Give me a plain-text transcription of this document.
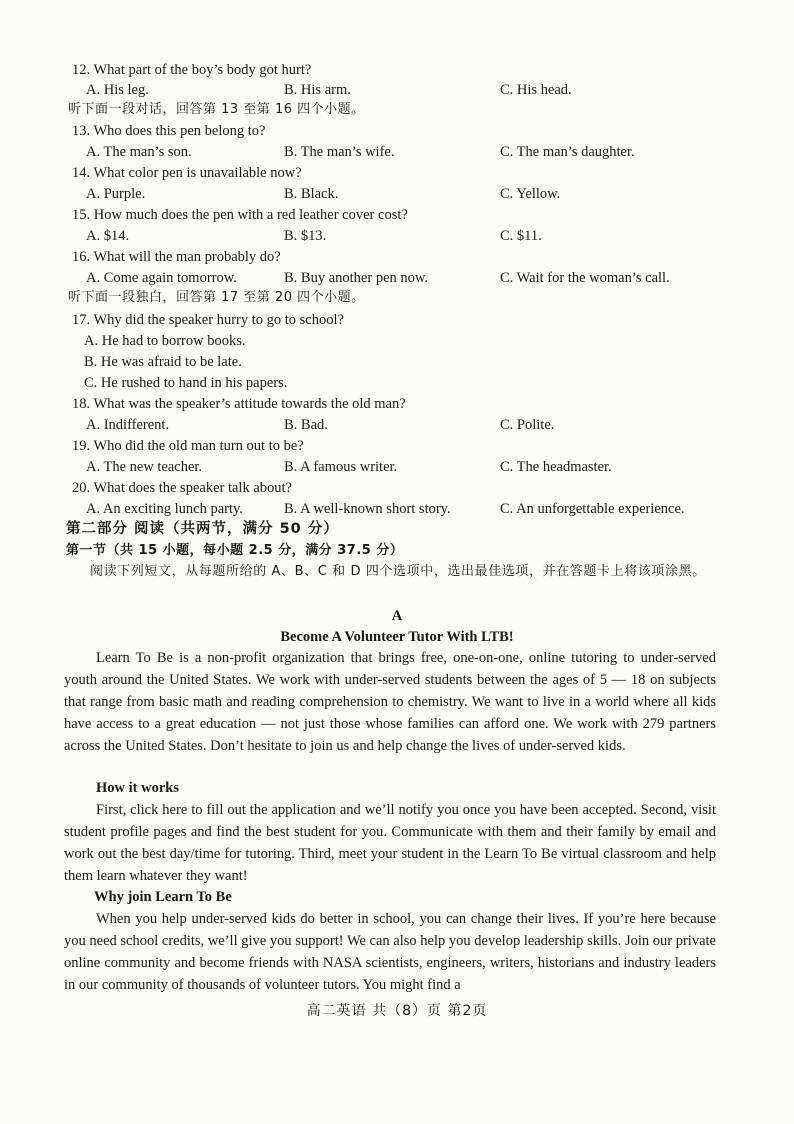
12. What part of the boy’s body got hurt?
A. His leg.	B. His arm.	C. His head.
听下面一段对话，回答第 13 至第 16 四个小题。
13. Who does this pen belong to?
A. The man’s son.	B. The man’s wife.	C. The man’s daughter.
14. What color pen is unavailable now?
A. Purple.	B. Black.	C. Yellow.
15. How much does the pen with a red leather cover cost?
A. $14.	B. $13.	C. $11.
16. What will the man probably do?
A. Come again tomorrow.	B. Buy another pen now.	C. Wait for the woman’s call.
听下面一段独白，回答第 17 至第 20 四个小题。
17. Why did the speaker hurry to go to school?
A. He had to borrow books.
B. He was afraid to be late.
C. He rushed to hand in his papers.
18. What was the speaker’s attitude towards the old man?
A. Indifferent.	B. Bad.	C. Polite.
19. Who did the old man turn out to be?
A. The new teacher.	B. A famous writer.	C. The headmaster.
20. What does the speaker talk about?
A. An exciting lunch party.	B. A well-known short story.	C. An unforgettable experience.
第二部分 阅读（共两节，满分 50 分）
第一节（共 15 小题，每小题 2.5 分，满分 37.5 分）
阅读下列短文，从每题所给的 A、B、C 和 D 四个选项中，选出最佳选项，并在答题卡上将该项涂黑。
A
Become A Volunteer Tutor With LTB!
Learn To Be is a non-profit organization that brings free, one-on-one, online tutoring to under-served youth around the United States. We work with under-served students between the ages of 5 — 18 on subjects that range from basic math and reading comprehension to chemistry. We want to live in a world where all kids have access to a great education — not just those whose families can afford one. We work with 279 partners across the United States. Don’t hesitate to join us and help change the lives of under-served kids.
How it works
First, click here to fill out the application and we’ll notify you once you have been accepted. Second, visit student profile pages and find the best student for you. Communicate with them and their family by email and work out the best day/time for tutoring. Third, meet your student in the Learn To Be virtual classroom and help them learn whatever they want!
Why join Learn To Be
When you help under-served kids do better in school, you can change their lives. If you’re here because you need school credits, we’ll give you support! We can also help you develop leadership skills. Join our private online community and become friends with NASA scientists, engineers, writers, historians and industry leaders in our community of thousands of volunteer tutors. You might find a
高二英语 共（8）页 第2页
